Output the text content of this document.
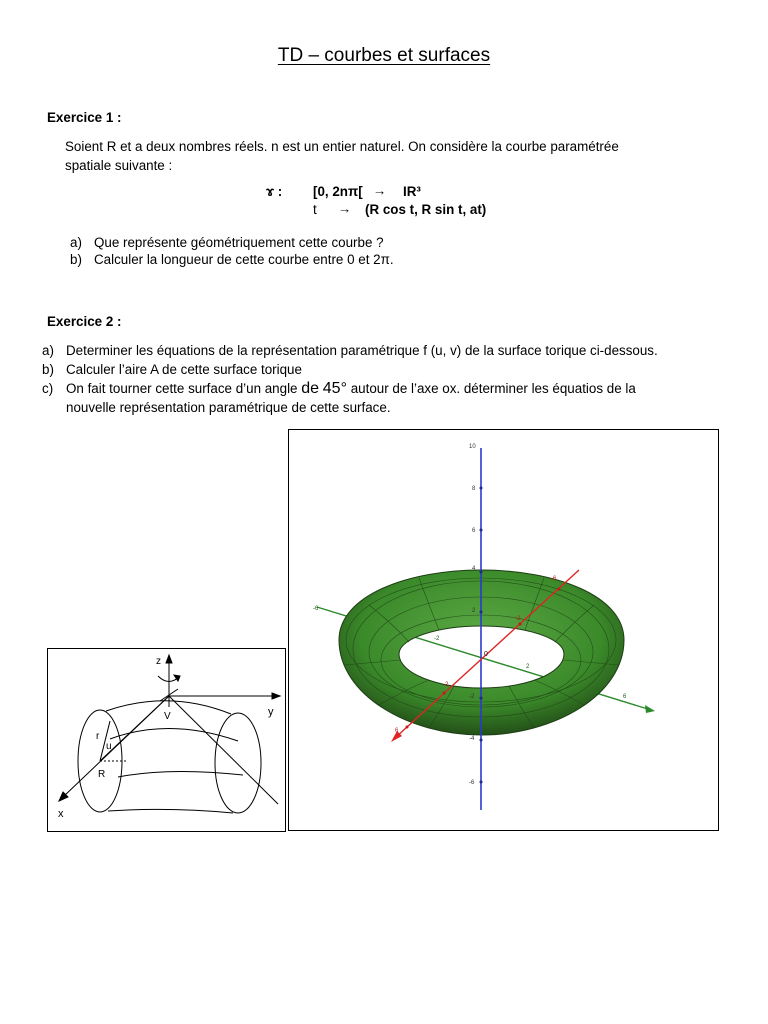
TD – courbes et surfaces
Exercice 1 :
Soient R et a deux nombres réels. n est un entier naturel. On considère la courbe paramétrée
spatiale suivante :
ɤ : [0, 2nπ[ → IR³
t → (R cos t, R sin t, at)
a) Que représente géométriquement cette courbe ?
b) Calculer la longueur de cette courbe entre 0 et 2π.
Exercice 2 :
a) Determiner les équations de la représentation paramétrique f (u, v) de la surface torique ci-dessous.
b) Calculer l’aire A de cette surface torique
c) On fait tourner cette surface d’un angle de 45° autour de l’axe ox. déterminer les équatios de la
nouvelle représentation paramétrique de cette surface.
z
y
x
V
r
u
R
10
8
6
4
2
-2
-4
-6
-6
-2
2
6
-6
-2
2
6
0
